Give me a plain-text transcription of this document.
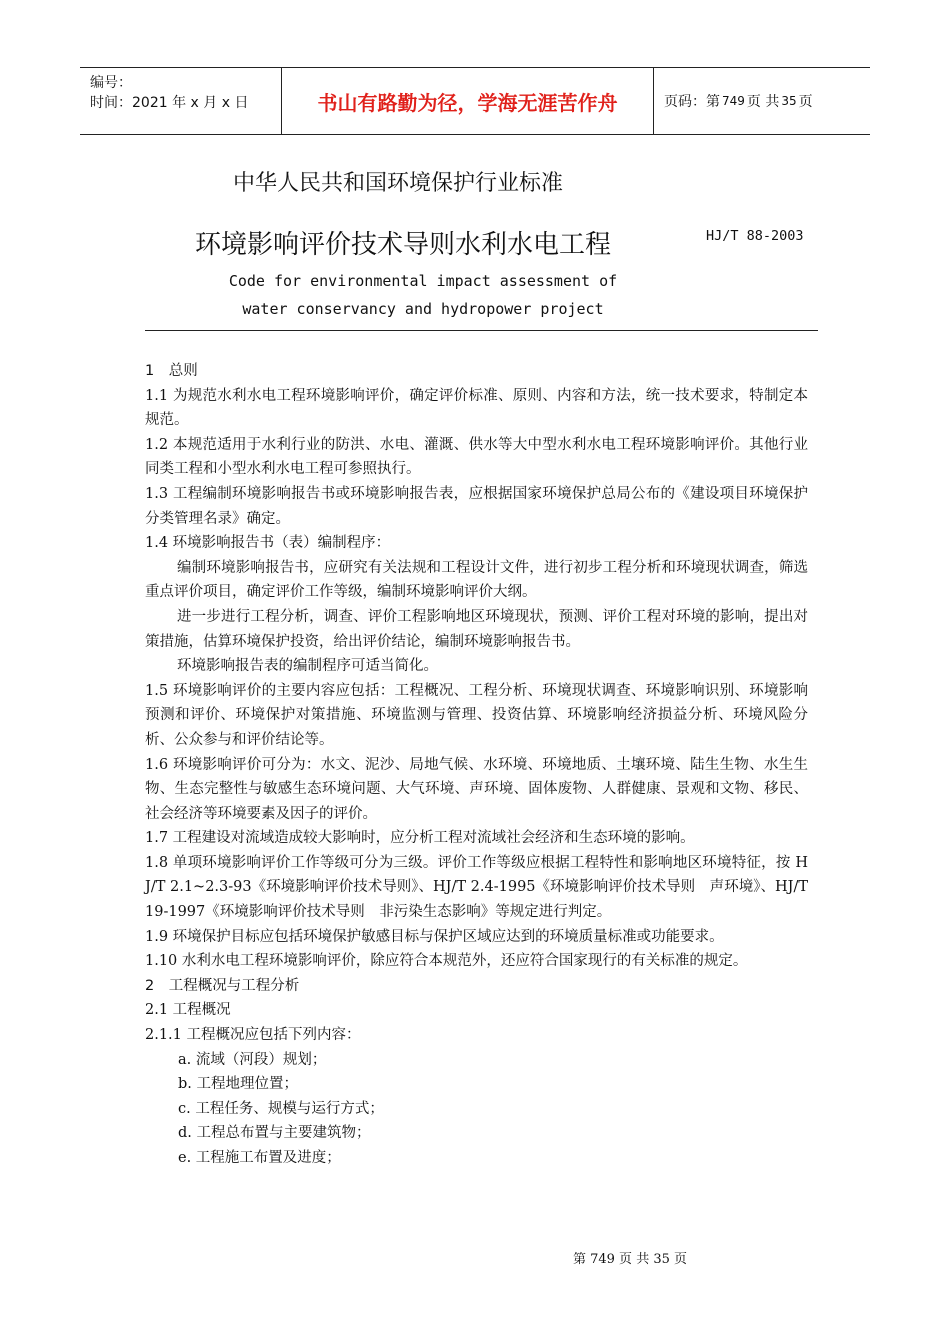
编号：
时间：2021 年 x 月 x 日	书山有路勤为径，学海无涯苦作舟	页码：第 749 页 共 35 页
中华人民共和国环境保护行业标准
环境影响评价技术导则水利水电工程	HJ/T 88-2003
Code for environmental impact assessment of
water conservancy and hydropower project

1　总则

1.1 为规范水利水电工程环境影响评价，确定评价标准、原则、内容和方法，统一技术要求，特制定本规范。

1.2 本规范适用于水利行业的防洪、水电、灌溉、供水等大中型水利水电工程环境影响评价。其他行业同类工程和小型水利水电工程可参照执行。

1.3 工程编制环境影响报告书或环境影响报告表，应根据国家环境保护总局公布的《建设项目环境保护分类管理名录》确定。

1.4 环境影响报告书（表）编制程序：

编制环境影响报告书，应研究有关法规和工程设计文件，进行初步工程分析和环境现状调查，筛选重点评价项目，确定评价工作等级，编制环境影响评价大纲。

进一步进行工程分析，调查、评价工程影响地区环境现状，预测、评价工程对环境的影响，提出对策措施，估算环境保护投资，给出评价结论，编制环境影响报告书。

环境影响报告表的编制程序可适当简化。

1.5 环境影响评价的主要内容应包括：工程概况、工程分析、环境现状调查、环境影响识别、环境影响预测和评价、环境保护对策措施、环境监测与管理、投资估算、环境影响经济损益分析、环境风险分析、公众参与和评价结论等。

1.6 环境影响评价可分为：水文、泥沙、局地气候、水环境、环境地质、土壤环境、陆生生物、水生生物、生态完整性与敏感生态环境问题、大气环境、声环境、固体废物、人群健康、景观和文物、移民、社会经济等环境要素及因子的评价。

1.7 工程建设对流域造成较大影响时，应分析工程对流域社会经济和生态环境的影响。

1.8 单项环境影响评价工作等级可分为三级。评价工作等级应根据工程特性和影响地区环境特征，按 HJ/T 2.1~2.3-93《环境影响评价技术导则》、HJ/T 2.4-1995《环境影响评价技术导则　声环境》、HJ/T 19-1997《环境影响评价技术导则　非污染生态影响》等规定进行判定。

1.9 环境保护目标应包括环境保护敏感目标与保护区域应达到的环境质量标准或功能要求。

1.10 水利水电工程环境影响评价，除应符合本规范外，还应符合国家现行的有关标准的规定。

2　工程概况与工程分析

2.1 工程概况

2.1.1 工程概况应包括下列内容：

a. 流域（河段）规划；

b. 工程地理位置；

c. 工程任务、规模与运行方式；

d. 工程总布置与主要建筑物；

e. 工程施工布置及进度；

第 749 页 共 35 页
